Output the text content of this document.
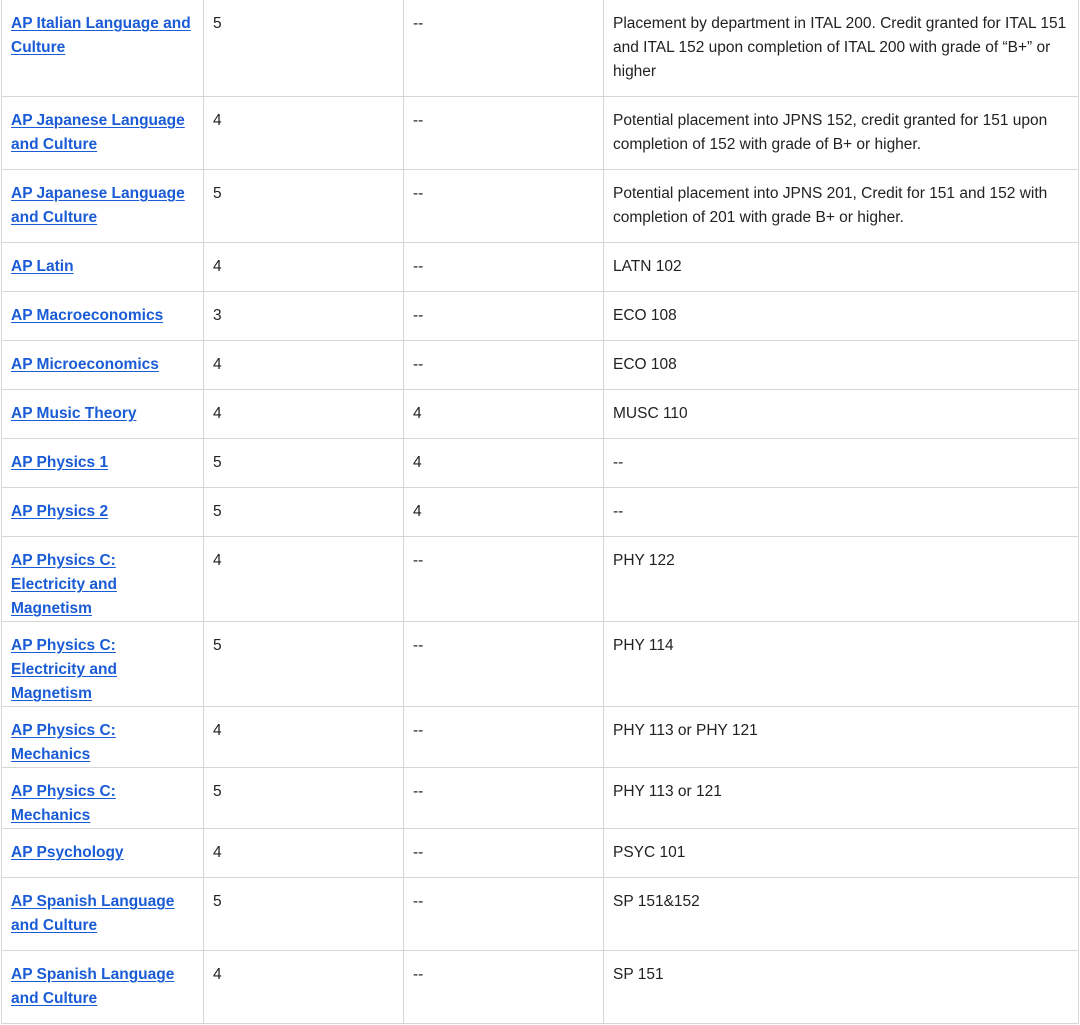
AP Italian Language and Culture	5	--	Placement by department in ITAL 200. Credit granted for ITAL 151 and ITAL 152 upon completion of ITAL 200 with grade of “B+” or higher
AP Japanese Language and Culture	4	--	Potential placement into JPNS 152, credit granted for 151 upon completion of 152 with grade of B+ or higher.
AP Japanese Language and Culture	5	--	Potential placement into JPNS 201, Credit for 151 and 152 with completion of 201 with grade B+ or higher.
AP Latin	4	--	LATN 102
AP Macroeconomics	3	--	ECO 108
AP Microeconomics	4	--	ECO 108
AP Music Theory	4	4	MUSC 110
AP Physics 1	5	4	--
AP Physics 2	5	4	--
AP Physics C: Electricity and Magnetism	4	--	PHY 122
AP Physics C: Electricity and Magnetism	5	--	PHY 114
AP Physics C: Mechanics	4	--	PHY 113 or PHY 121
AP Physics C: Mechanics	5	--	PHY 113 or 121
AP Psychology	4	--	PSYC 101
AP Spanish Language and Culture	5	--	SP 151&152
AP Spanish Language and Culture	4	--	SP 151
